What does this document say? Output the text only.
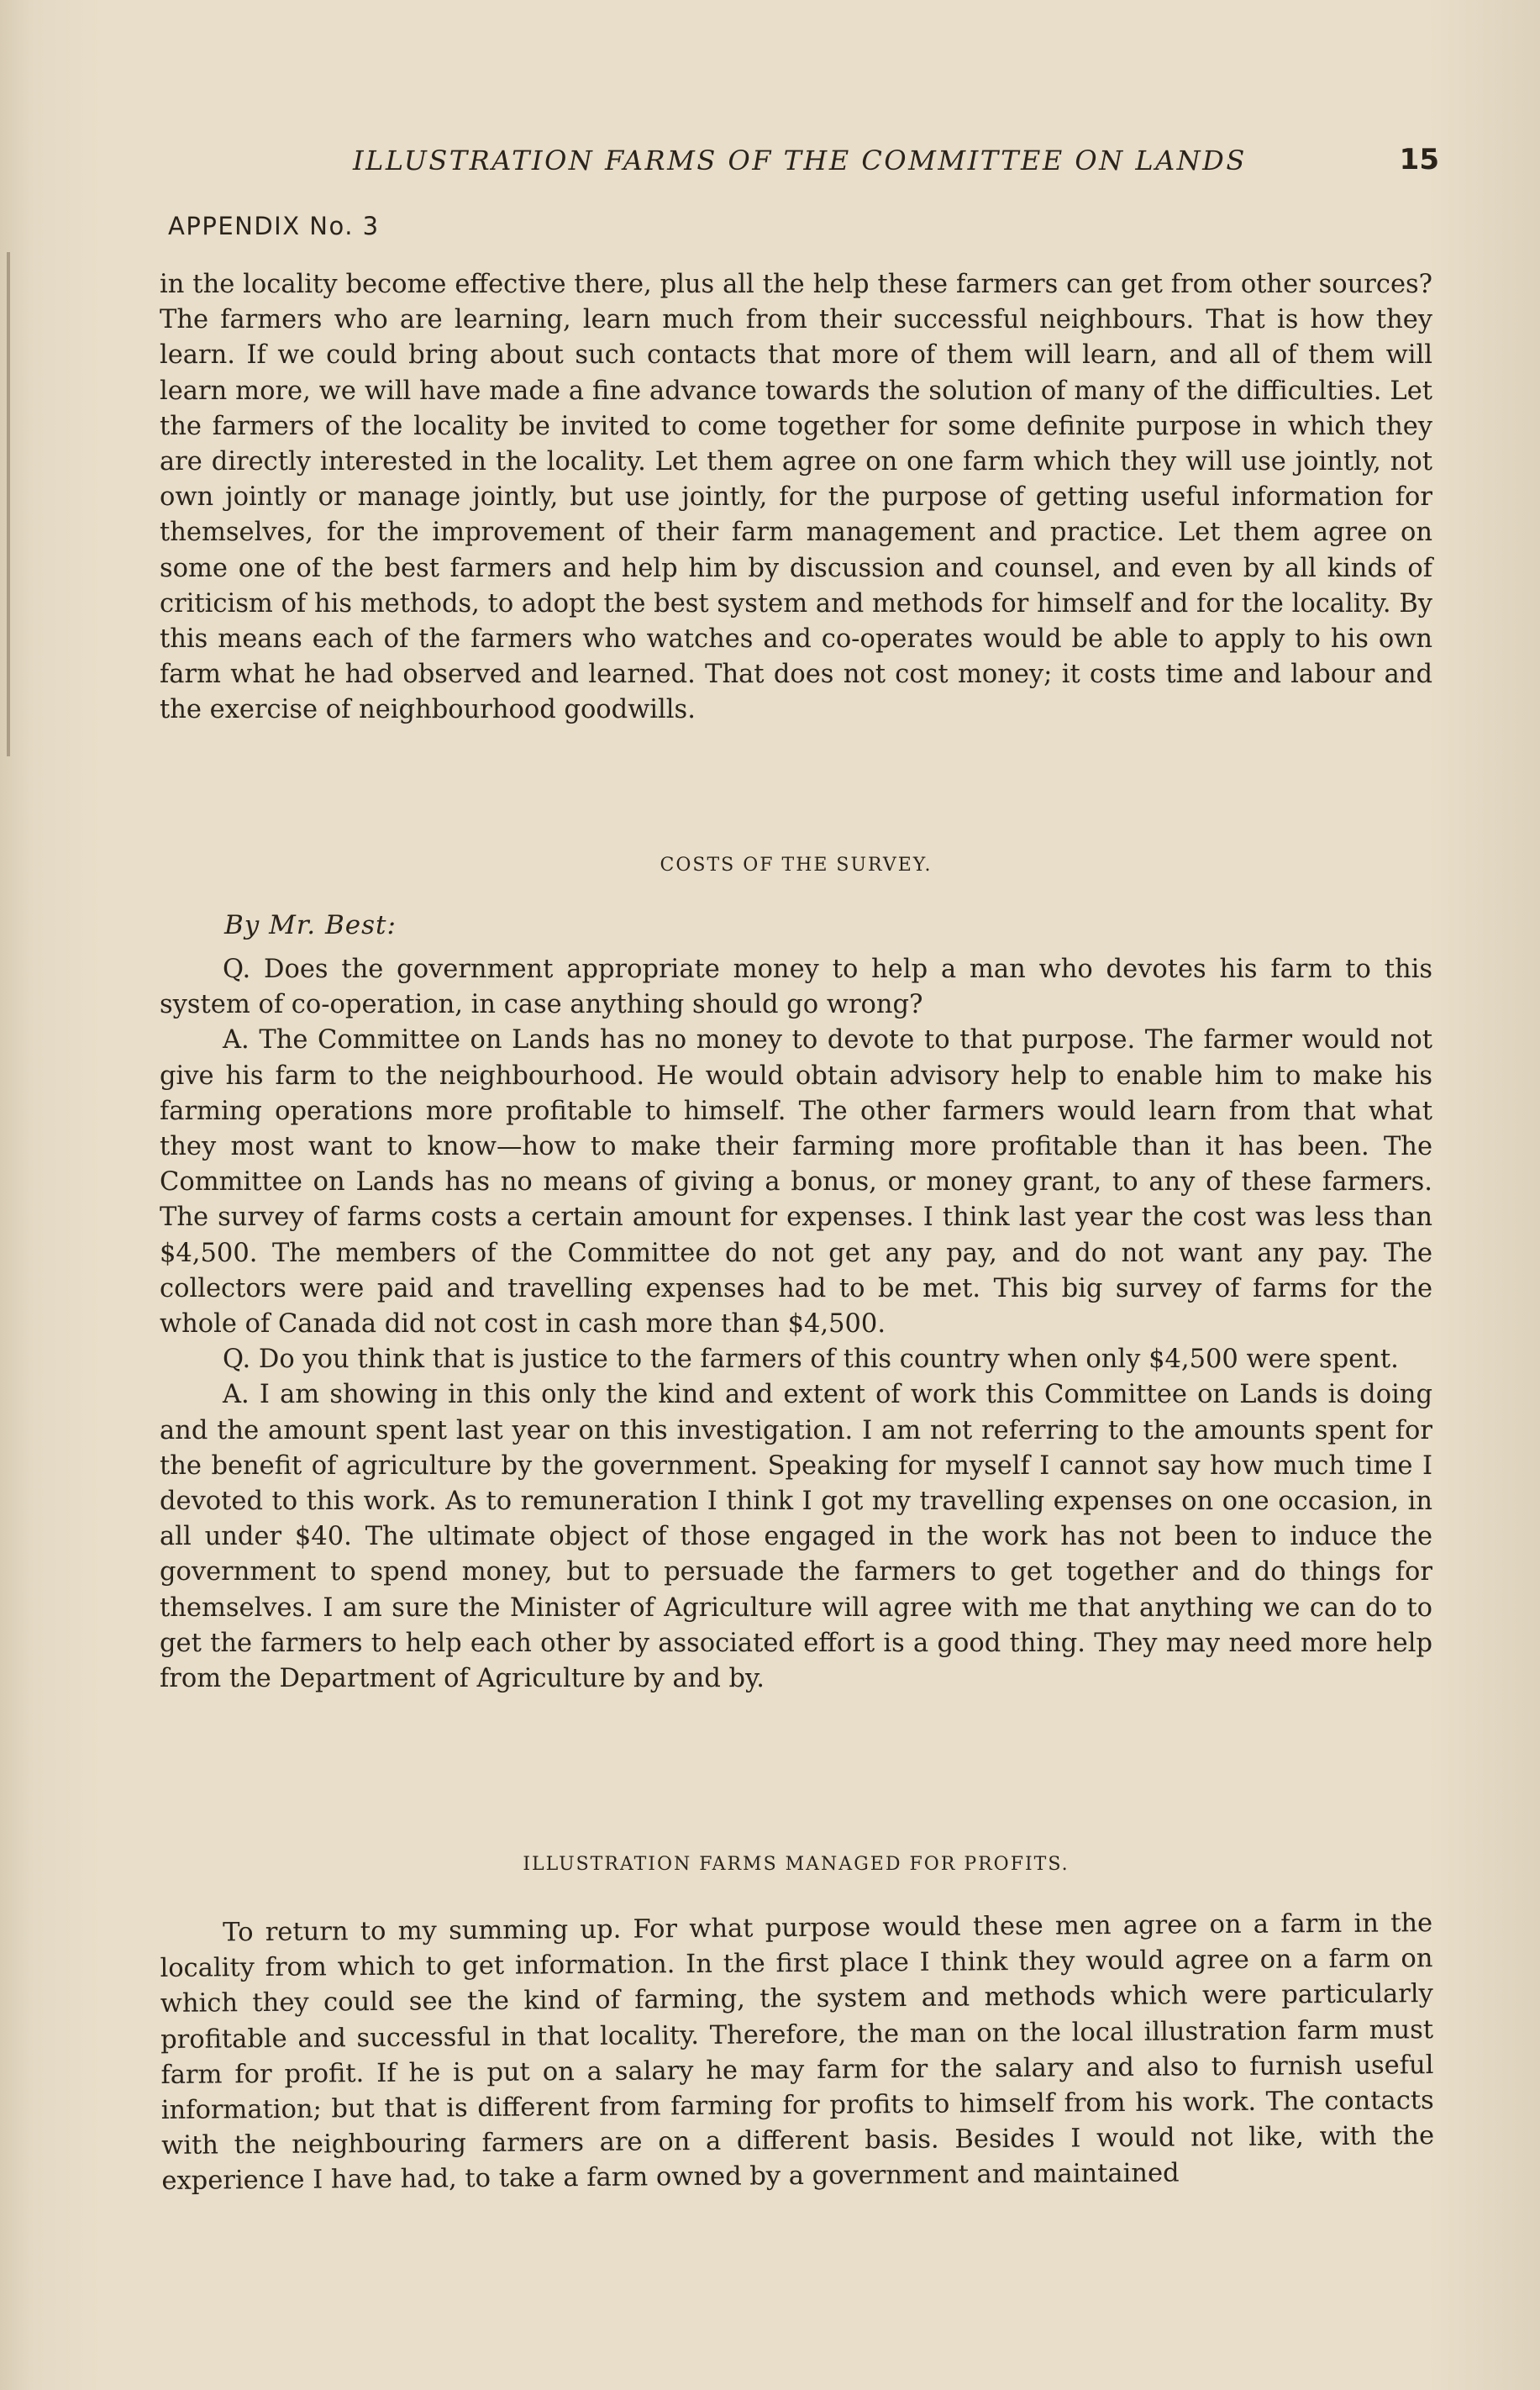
ILLUSTRATION FARMS OF THE COMMITTEE ON LANDS	15
APPENDIX No. 3

in the locality become effective there, plus all the help these farmers can get from other sources? The farmers who are learning, learn much from their successful neighbours. That is how they learn. If we could bring about such contacts that more of them will learn, and all of them will learn more, we will have made a fine advance towards the solution of many of the difficulties. Let the farmers of the locality be invited to come together for some definite purpose in which they are directly interested in the locality. Let them agree on one farm which they will use jointly, not own jointly or manage jointly, but use jointly, for the purpose of getting useful information for themselves, for the improvement of their farm management and practice. Let them agree on some one of the best farmers and help him by discussion and counsel, and even by all kinds of criticism of his methods, to adopt the best system and methods for himself and for the locality. By this means each of the farmers who watches and co-operates would be able to apply to his own farm what he had observed and learned. That does not cost money; it costs time and labour and the exercise of neighbourhood goodwills.

COSTS OF THE SURVEY.
By Mr. Best:

Q. Does the government appropriate money to help a man who devotes his farm to this system of co-operation, in case anything should go wrong?

A. The Committee on Lands has no money to devote to that purpose. The farmer would not give his farm to the neighbourhood. He would obtain advisory help to enable him to make his farming operations more profitable to himself. The other farmers would learn from that what they most want to know—how to make their farming more profitable than it has been. The Committee on Lands has no means of giving a bonus, or money grant, to any of these farmers. The survey of farms costs a certain amount for expenses. I think last year the cost was less than $4,500. The members of the Committee do not get any pay, and do not want any pay. The collectors were paid and travelling expenses had to be met. This big survey of farms for the whole of Canada did not cost in cash more than $4,500.

Q. Do you think that is justice to the farmers of this country when only $4,500 were spent.

A. I am showing in this only the kind and extent of work this Committee on Lands is doing and the amount spent last year on this investigation. I am not referring to the amounts spent for the benefit of agriculture by the government. Speaking for myself I cannot say how much time I devoted to this work. As to remuneration I think I got my travelling expenses on one occasion, in all under $40. The ultimate object of those engaged in the work has not been to induce the government to spend money, but to persuade the farmers to get together and do things for themselves. I am sure the Minister of Agriculture will agree with me that anything we can do to get the farmers to help each other by associated effort is a good thing. They may need more help from the Department of Agriculture by and by.

ILLUSTRATION FARMS MANAGED FOR PROFITS.

To return to my summing up. For what purpose would these men agree on a farm in the locality from which to get information. In the first place I think they would agree on a farm on which they could see the kind of farming, the system and methods which were particularly profitable and successful in that locality. Therefore, the man on the local illustration farm must farm for profit. If he is put on a salary he may farm for the salary and also to furnish useful information; but that is different from farming for profits to himself from his work. The contacts with the neighbouring farmers are on a different basis. Besides I would not like, with the experience I have had, to take a farm owned by a government and maintained
